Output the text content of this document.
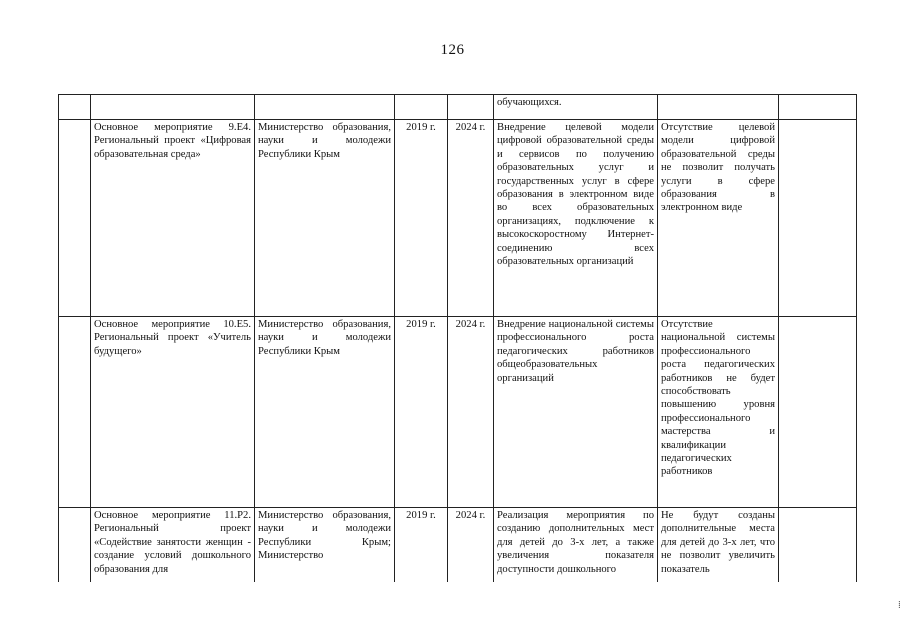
126
					обучающихся.		
	Основное мероприятие 9.Е4. Региональный проект «Цифровая образовательная среда»	Министерство образования, науки и молодежи Республики Крым	2019 г.	2024 г.	Внедрение целевой модели цифровой образовательной среды и сервисов по получению образовательных услуг и государственных услуг в сфере образования в электронном виде во всех образовательных организациях, подключение к высокоскоростному Интернет-соединению всех образовательных организаций	Отсутствие целевой модели цифровой образовательной среды не позволит получать услуги в сфере образования в электронном виде	
	Основное мероприятие 10.Е5. Региональный проект «Учитель будущего»	Министерство образования, науки и молодежи Республики Крым	2019 г.	2024 г.	Внедрение национальной системы профессионального роста педагогических работников общеобразовательных организаций	Отсутствие национальной системы профессионального роста педагогических работников не будет способствовать повышению уровня профессионального мастерства и квалификации педагогических работников	
	Основное мероприятие 11.Р2. Региональный проект «Содействие занятости женщин - создание условий дошкольного образования для	Министерство образования, науки и молодежи Республики Крым; Министерство	2019 г.	2024 г.	Реализация мероприятия по созданию дополнительных мест для детей до 3-х лет, а также увеличения показателя доступности дошкольного	Не будут созданы дополнительные места для детей до 3-х лет, что не позволит увеличить показатель	
⁞
